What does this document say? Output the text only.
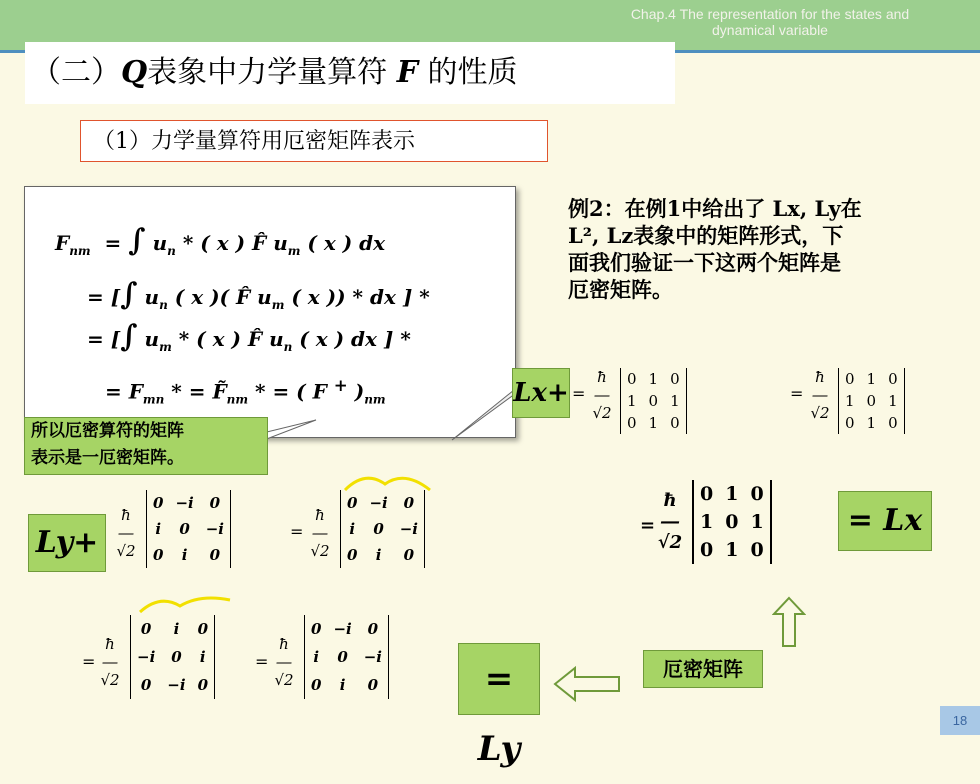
Chap.4 The representation for the states and dynamical variable
（二）Q表象中力学量算符 F 的性质
（1）力学量算符用厄密矩阵表示
$F_{nm}$  = ∫ $u_n$ * ( x ) F̂ $u_m$ ( x ) dx
= [∫ $u_n$ ( x )( F̂ $u_m$ ( x )) * dx ] *
= [∫ $u_m$ * ( x ) F̂ $u_n$ ( x ) dx ] *
= $F_{mn}$ * = $F̃_{nm}$ * = ( F + )$_{nm}$
所以厄密算符的矩阵
表示是一厄密矩阵。
例2：在例1中给出了 Lx, Ly在
L², Lz表象中的矩阵形式，下
面我们验证一下这两个矩阵是
厄密矩阵。
Lx+ =
ħ
―
√2
0	1	0
1	0	1
0	1	0
=
ħ
―
√2
0	1	0
1	0	1
0	1	0
=
ħ
―
√2
0	1	0
1	0	1
0	1	0
= Lx
Ly+
ħ
―
√2
0	−i	0
i	0	−i
0	i	0
=
ħ
―
√2
0	−i	0
i	0	−i
0	i	0
=
ħ
―
√2
0	i	0
−i	0	i
0	−i	0
=
ħ
―
√2
0	−i	0
i	0	−i
0	i	0	= Ly
厄密矩阵
18
